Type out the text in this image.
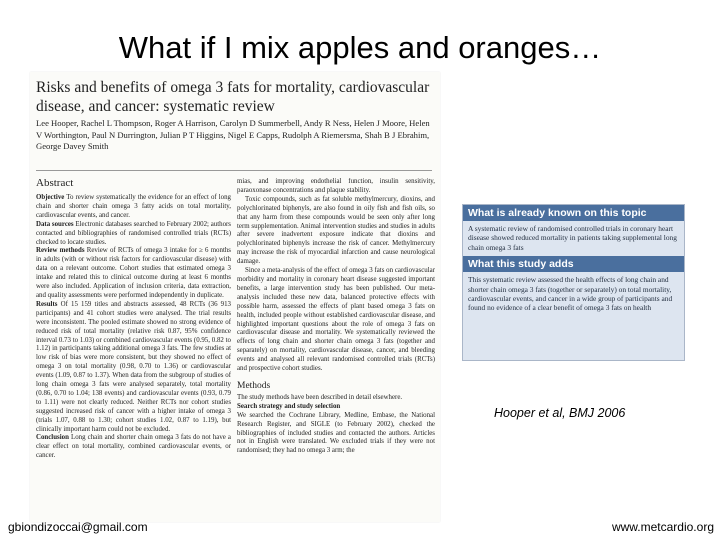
What if I mix apples and oranges…
Risks and benefits of omega 3 fats for mortality, cardiovascular disease, and cancer: systematic review
Lee Hooper, Rachel L Thompson, Roger A Harrison, Carolyn D Summerbell, Andy R Ness, Helen J Moore, Helen V Worthington, Paul N Durrington, Julian P T Higgins, Nigel E Capps, Rudolph A Riemersma, Shah B J Ebrahim, George Davey Smith
Abstract
Objective To review systematically the evidence for an effect of long chain and shorter chain omega 3 fatty acids on total mortality, cardiovascular events, and cancer.
Data sources Electronic databases searched to February 2002; authors contacted and bibliographies of randomised controlled trials (RCTs) checked to locate studies.
Review methods Review of RCTs of omega 3 intake for ≥ 6 months in adults (with or without risk factors for cardiovascular disease) with data on a relevant outcome. Cohort studies that estimated omega 3 intake and related this to clinical outcome during at least 6 months were also included. Application of inclusion criteria, data extraction, and quality assessments were performed independently in duplicate.
Results Of 15 159 titles and abstracts assessed, 48 RCTs (36 913 participants) and 41 cohort studies were analysed. The trial results were inconsistent. The pooled estimate showed no strong evidence of reduced risk of total mortality (relative risk 0.87, 95% confidence interval 0.73 to 1.03) or combined cardiovascular events (0.95, 0.82 to 1.12) in participants taking additional omega 3 fats. The few studies at low risk of bias were more consistent, but they showed no effect of omega 3 on total mortality (0.98, 0.70 to 1.36) or cardiovascular events (1.09, 0.87 to 1.37). When data from the subgroup of studies of long chain omega 3 fats were analysed separately, total mortality (0.86, 0.70 to 1.04; 138 events) and cardiovascular events (0.93, 0.79 to 1.11) were not clearly reduced. Neither RCTs nor cohort studies suggested increased risk of cancer with a higher intake of omega 3 (trials 1.07, 0.88 to 1.30; cohort studies 1.02, 0.87 to 1.19), but clinically important harm could not be excluded.
Conclusion Long chain and shorter chain omega 3 fats do not have a clear effect on total mortality, combined cardiovascular events, or cancer.
mias, and improving endothelial function, insulin sensitivity, paraoxonase concentrations and plaque stability.
Toxic compounds, such as fat soluble methylmercury, dioxins, and polychlorinated biphenyls, are also found in oily fish and fish oils, so that any harm from these compounds would be seen only after long term supplementation. Animal intervention studies and studies in adults after severe inadvertent exposure indicate that dioxins and polychlorinated biphenyls increase the risk of cancer. Methylmercury may increase the risk of myocardial infarction and cause neurological damage.
Since a meta-analysis of the effect of omega 3 fats on cardiovascular morbidity and mortality in coronary heart disease suggested important benefits, a large intervention study has been published. Our meta-analysis included these new data, balanced protective effects with possible harm, assessed the effects of plant based omega 3 fats on health, included people without established cardiovascular disease, and highlighted important questions about the role of omega 3 fats on cardiovascular disease and mortality. We systematically reviewed the effects of long chain and shorter chain omega 3 fats (together and separately) on mortality, cardiovascular disease, cancer, and bleeding events and analysed all relevant randomised controlled trials (RCTs) and prospective cohort studies.
Methods
The study methods have been described in detail elsewhere.
Search strategy and study selection
We searched the Cochrane Library, Medline, Embase, the National Research Register, and SIGLE (to February 2002), checked the bibliographies of included studies and contacted the authors. Articles not in English were translated. We excluded trials if they were not randomised; they had no omega 3 arm; the
What is already known on this topic
A systematic review of randomised controlled trials in coronary heart disease showed reduced mortality in patients taking supplemental long chain omega 3 fats
What this study adds
This systematic review assessed the health effects of long chain and shorter chain omega 3 fats (together or separately) on total mortality, cardiovascular events, and cancer in a wide group of participants and found no evidence of a clear benefit of omega 3 fats on health
Hooper et al, BMJ 2006
gbiondizoccai@gmail.com	www.metcardio.org
